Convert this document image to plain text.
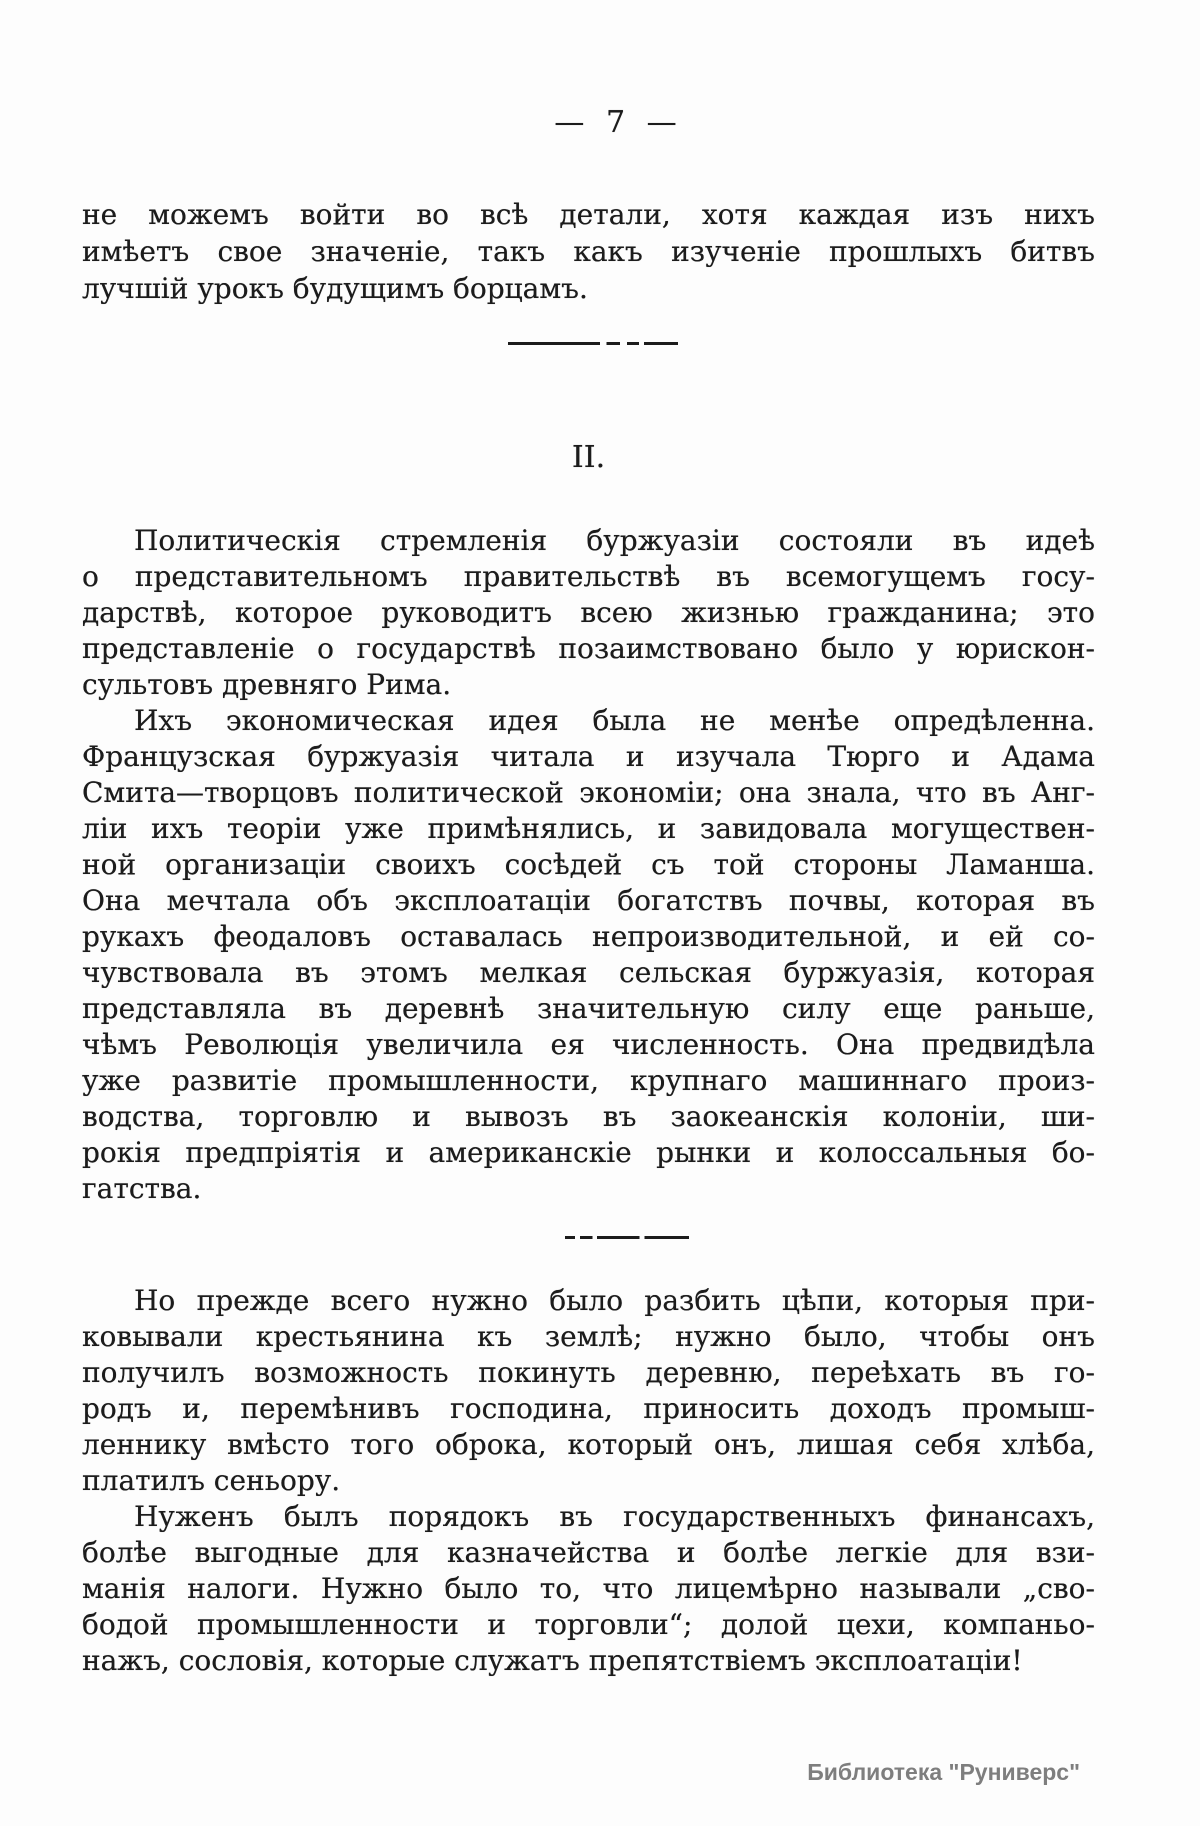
— 7 —
не можемъ войти во всѣ детали, хотя каждая изъ нихъ
имѣетъ свое значеніе, такъ какъ изученіе прошлыхъ битвъ
лучшій урокъ будущимъ борцамъ.
II.
Политическія стремленія буржуазіи состояли въ идеѣ
о представительномъ правительствѣ въ всемогущемъ госу-
дарствѣ, которое руководитъ всею жизнью гражданина; это
представленіе о государствѣ позаимствовано было у юрискон-
сультовъ древняго Рима.
Ихъ экономическая идея была не менѣе опредѣленна.
Французская буржуазія читала и изучала Тюрго и Адама
Смита—творцовъ политической экономіи; она знала, что въ Анг-
ліи ихъ теоріи уже примѣнялись, и завидовала могуществен-
ной организаціи своихъ сосѣдей съ той стороны Ламанша.
Она мечтала объ эксплоатаціи богатствъ почвы, которая въ
рукахъ феодаловъ оставалась непроизводительной, и ей со-
чувствовала въ этомъ мелкая сельская буржуазія, которая
представляла въ деревнѣ значительную силу еще раньше,
чѣмъ Революція увеличила ея численность. Она предвидѣла
уже развитіе промышленности, крупнаго машиннаго произ-
водства, торговлю и вывозъ въ заокеанскія колоніи, ши-
рокія предпріятія и американскіе рынки и колоссальныя бо-
гатства.
Но прежде всего нужно было разбить цѣпи, которыя при-
ковывали крестьянина къ землѣ; нужно было, чтобы онъ
получилъ возможность покинуть деревню, переѣхать въ го-
родъ и, перемѣнивъ господина, приносить доходъ промыш-
леннику вмѣсто того оброка, который онъ, лишая себя хлѣба,
платилъ сеньору.
Нуженъ былъ порядокъ въ государственныхъ финансахъ,
болѣе выгодные для казначейства и болѣе легкіе для взи-
манія налоги. Нужно было то, что лицемѣрно называли „сво-
бодой промышленности и торговли“; долой цехи, компаньо-
нажъ, сословія, которые служатъ препятствіемъ эксплоатаціи!
Библиотека "Руниверс"
